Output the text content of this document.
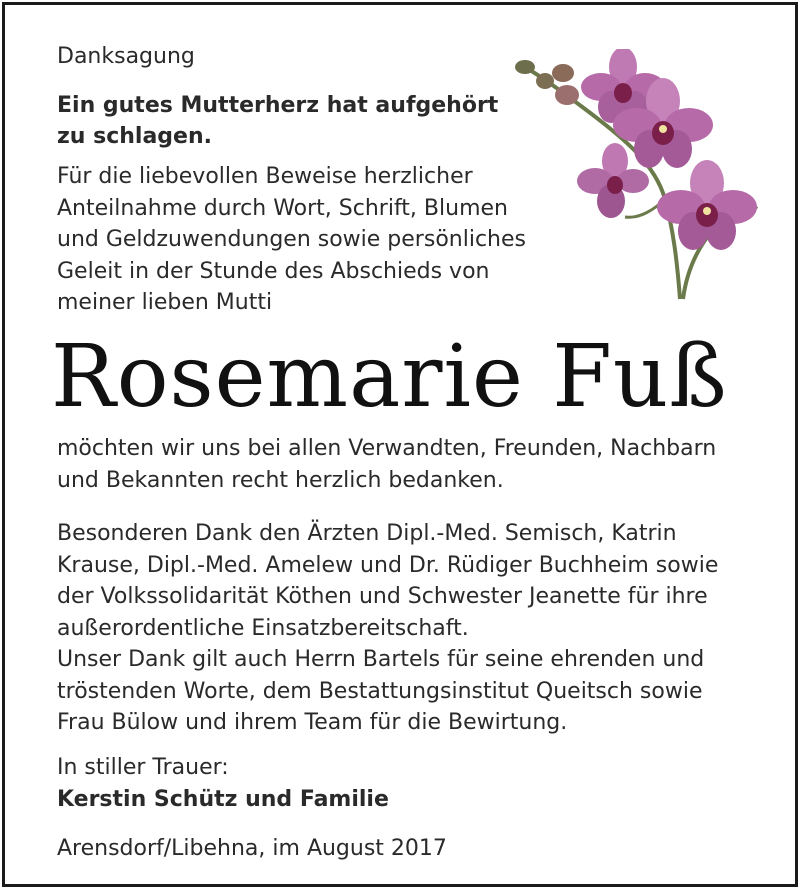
Danksagung

Ein gutes Mutterherz hat aufgehört
zu schlagen.

Für die liebevollen Beweise herzlicher
Anteilnahme durch Wort, Schrift, Blumen
und Geldzuwendungen sowie persönliches
Geleit in der Stunde des Abschieds von
meiner lieben Mutti

Rosemarie Fuß

möchten wir uns bei allen Verwandten, Freunden, Nachbarn
und Bekannten recht herzlich bedanken.

Besonderen Dank den Ärzten Dipl.-Med. Semisch, Katrin
Krause, Dipl.-Med. Amelew und Dr. Rüdiger Buchheim sowie
der Volkssolidarität Köthen und Schwester Jeanette für ihre
außerordentliche Einsatzbereitschaft.
Unser Dank gilt auch Herrn Bartels für seine ehrenden und
tröstenden Worte, dem Bestattungsinstitut Queitsch sowie
Frau Bülow und ihrem Team für die Bewirtung.

In stiller Trauer:
Kerstin Schütz und Familie
Arensdorf/Libehna, im August 2017
